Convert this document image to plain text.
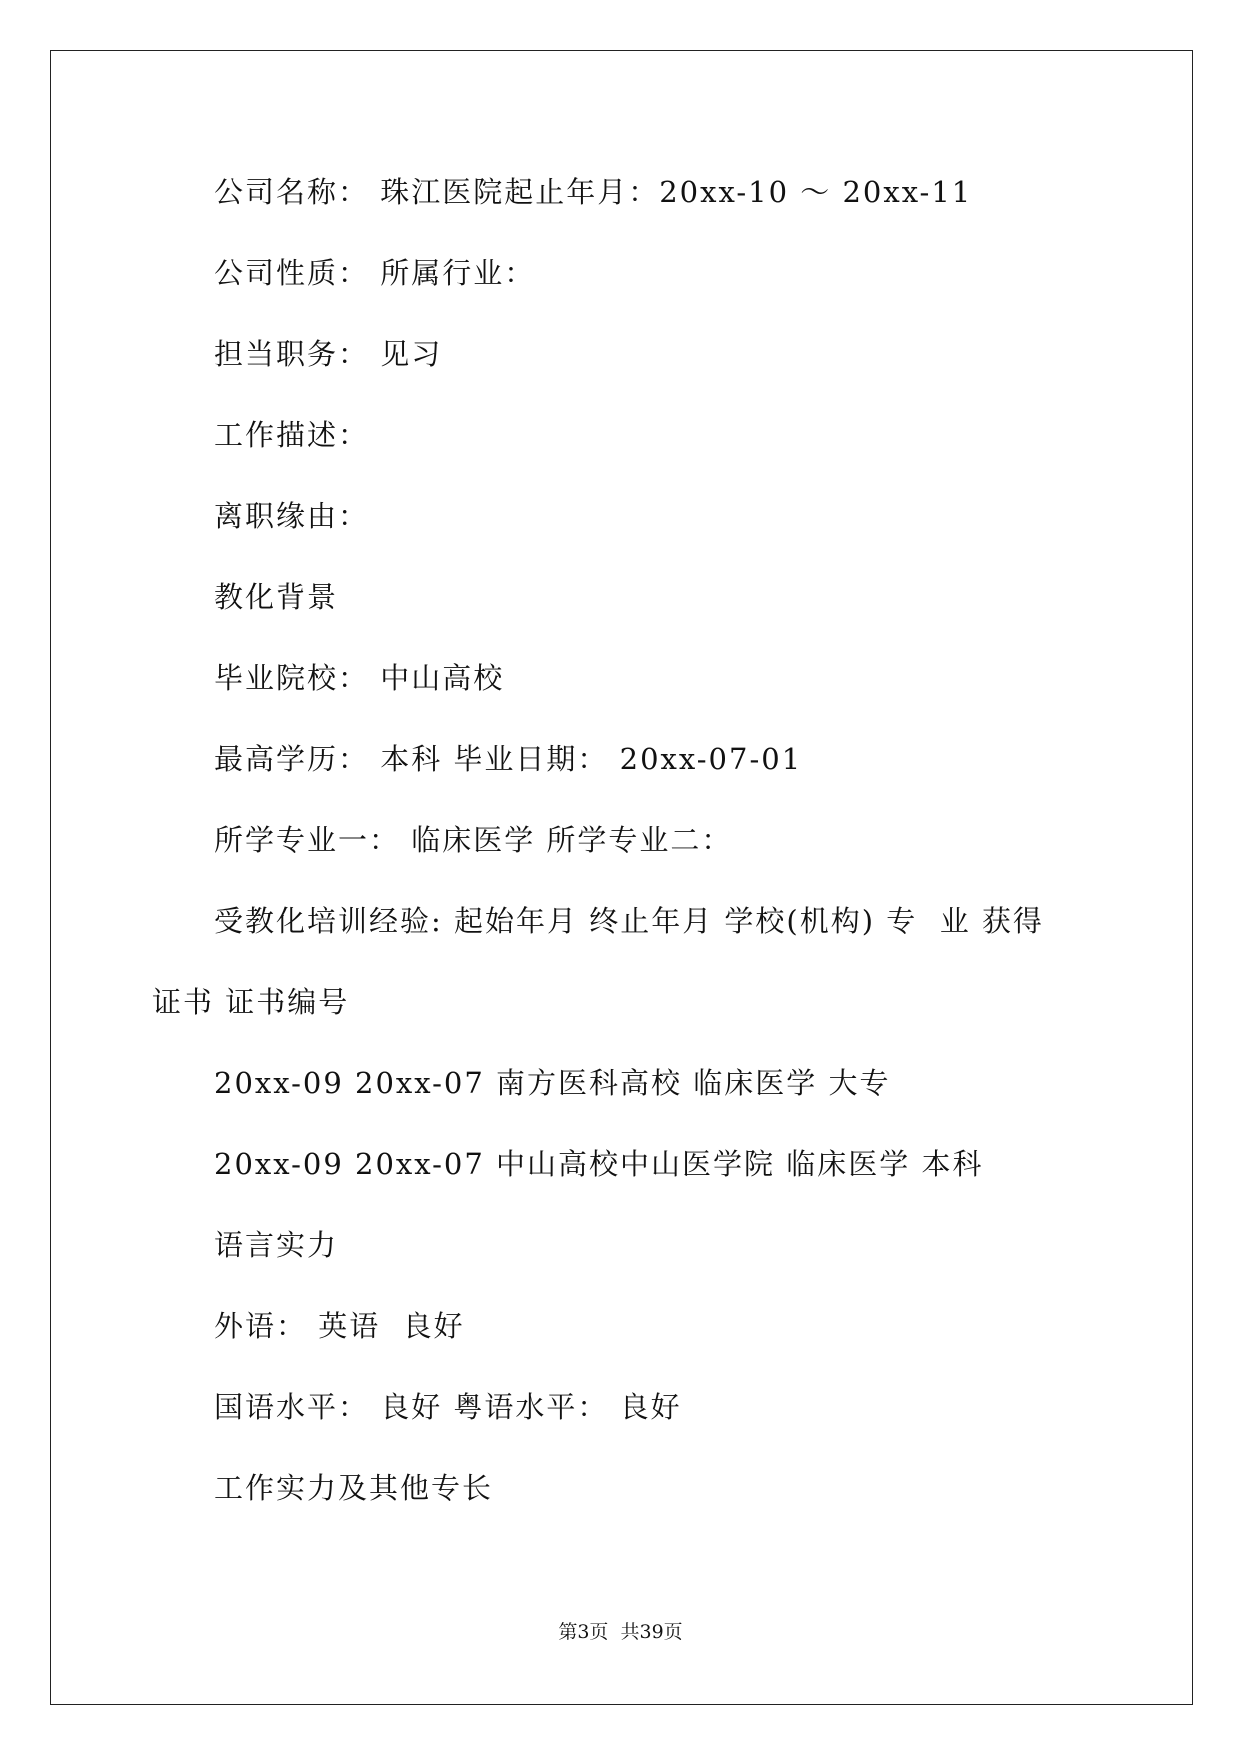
公司名称： 珠江医院起止年月：20xx-10 ～ 20xx-11
公司性质： 所属行业：
担当职务： 见习
工作描述：
离职缘由：
教化背景
毕业院校： 中山高校
最高学历： 本科 毕业日期： 20xx-07-01
所学专业一： 临床医学 所学专业二：
受教化培训经验: 起始年月 终止年月 学校(机构) 专  业 获得
证书 证书编号
20xx-09 20xx-07 南方医科高校 临床医学 大专
20xx-09 20xx-07 中山高校中山医学院 临床医学 本科
语言实力
外语： 英语  良好
国语水平： 良好 粤语水平： 良好
工作实力及其他专长
第3页  共39页
